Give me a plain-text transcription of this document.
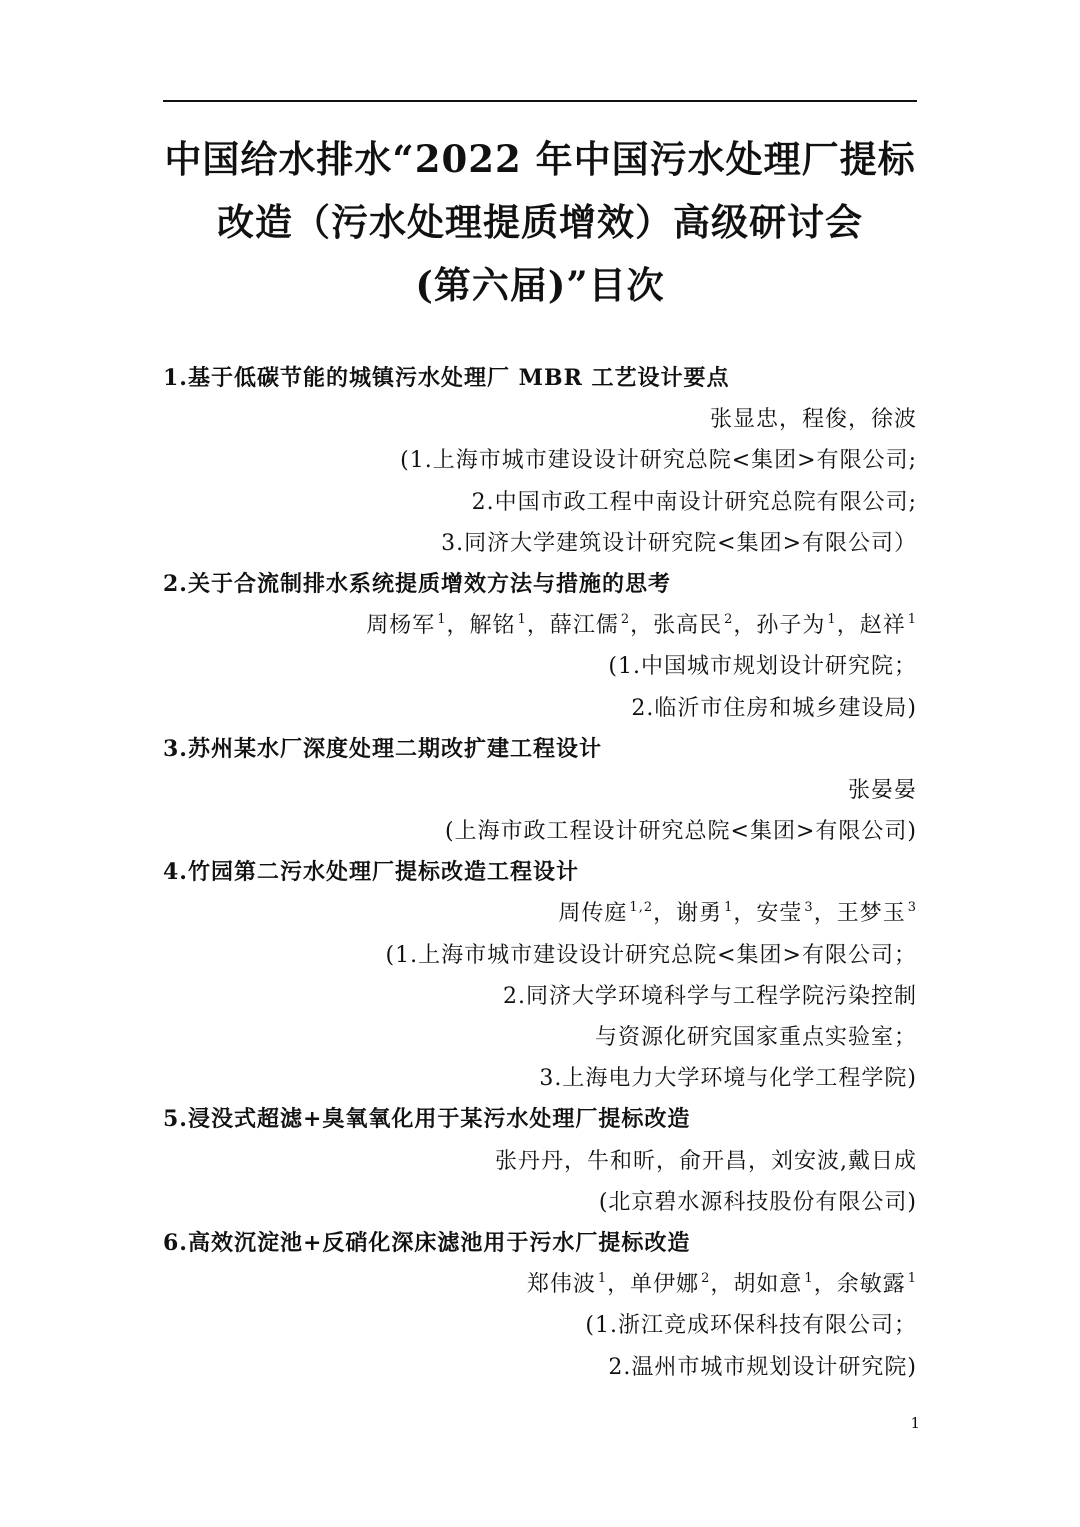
中国给水排水“2022 年中国污水处理厂提标
改造（污水处理提质增效）高级研讨会
(第六届)”目次
1.基于低碳节能的城镇污水处理厂 MBR 工艺设计要点
张显忠，程俊，徐波
(1.上海市城市建设设计研究总院<集团>有限公司;
2.中国市政工程中南设计研究总院有限公司;
3.同济大学建筑设计研究院<集团>有限公司）
2.关于合流制排水系统提质增效方法与措施的思考
周杨军 $^1$，解铭 $^1$，薛江儒 $^2$，张高民 $^2$，孙子为 $^1$，赵祥 $^1$
(1.中国城市规划设计研究院；
2.临沂市住房和城乡建设局)
3.苏州某水厂深度处理二期改扩建工程设计
张晏晏
(上海市政工程设计研究总院<集团>有限公司)
4.竹园第二污水处理厂提标改造工程设计
周传庭 $^{1,2}$，谢勇 $^1$，安莹 $^3$，王梦玉 $^3$
(1.上海市城市建设设计研究总院<集团>有限公司；
2.同济大学环境科学与工程学院污染控制
与资源化研究国家重点实验室；
3.上海电力大学环境与化学工程学院)
5.浸没式超滤+臭氧氧化用于某污水处理厂提标改造
张丹丹，牛和昕，俞开昌，刘安波,戴日成
(北京碧水源科技股份有限公司)
6.高效沉淀池+反硝化深床滤池用于污水厂提标改造
郑伟波 $^1$，单伊娜 $^2$，胡如意 $^1$，余敏露 $^1$
(1.浙江竞成环保科技有限公司；
2.温州市城市规划设计研究院)
1
